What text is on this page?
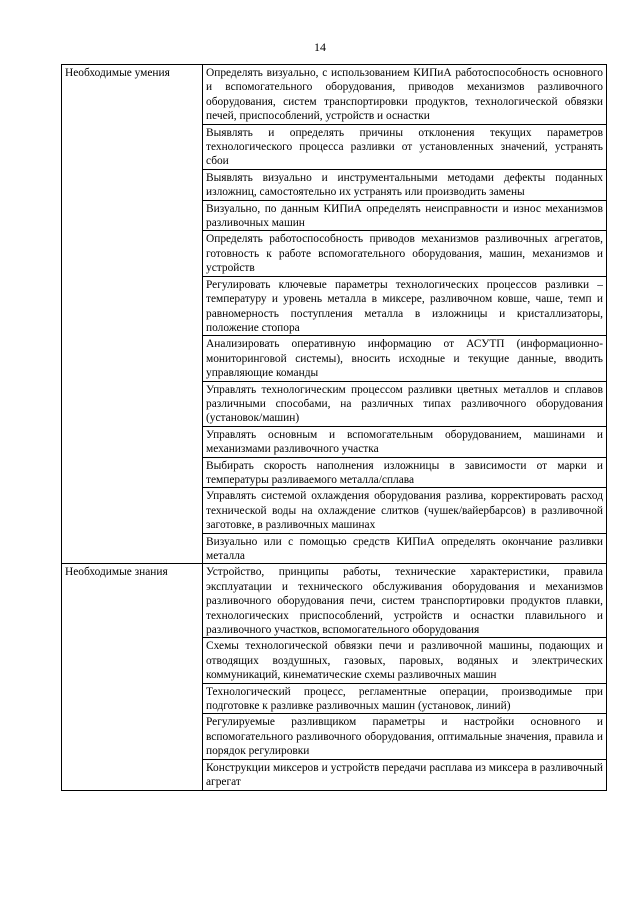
14
Необходимые умения	Определять визуально, с использованием КИПиА работоспособность основного и вспомогательного оборудования, приводов механизмов разливочного оборудования, систем транспортировки продуктов, технологической обвязки печей, приспособлений, устройств и оснастки
	Выявлять и определять причины отклонения текущих параметров технологического процесса разливки от установленных значений, устранять сбои
	Выявлять визуально и инструментальными методами дефекты поданных изложниц, самостоятельно их устранять или производить замены
	Визуально, по данным КИПиА определять неисправности и износ механизмов разливочных машин
	Определять работоспособность приводов механизмов разливочных агрегатов, готовность к работе вспомогательного оборудования, машин, механизмов и устройств
	Регулировать ключевые параметры технологических процессов разливки – температуру и уровень металла в миксере, разливочном ковше, чаше, темп и равномерность поступления металла в изложницы и кристаллизаторы, положение стопора
	Анализировать оперативную информацию от АСУТП (информационно-мониторинговой системы), вносить исходные и текущие данные, вводить управляющие команды
	Управлять технологическим процессом разливки цветных металлов и сплавов различными способами, на различных типах разливочного оборудования (установок/машин)
	Управлять основным и вспомогательным оборудованием, машинами и механизмами разливочного участка
	Выбирать скорость наполнения изложницы в зависимости от марки и температуры разливаемого металла/сплава
	Управлять системой охлаждения оборудования разлива, корректировать расход технической воды на охлаждение слитков (чушек/вайербарсов) в разливочной заготовке, в разливочных машинах
	Визуально или с помощью средств КИПиА определять окончание разливки металла
Необходимые знания	Устройство, принципы работы, технические характеристики, правила эксплуатации и технического обслуживания оборудования и механизмов разливочного оборудования печи, систем транспортировки продуктов плавки, технологических приспособлений, устройств и оснастки плавильного и разливочного участков, вспомогательного оборудования
	Схемы технологической обвязки печи и разливочной машины, подающих и отводящих воздушных, газовых, паровых, водяных и электрических коммуникаций, кинематические схемы разливочных машин
	Технологический процесс, регламентные операции, производимые при подготовке к разливке разливочных машин (установок, линий)
	Регулируемые разливщиком параметры и настройки основного и вспомогательного разливочного оборудования, оптимальные значения, правила и порядок регулировки
	Конструкции миксеров и устройств передачи расплава из миксера в разливочный агрегат
